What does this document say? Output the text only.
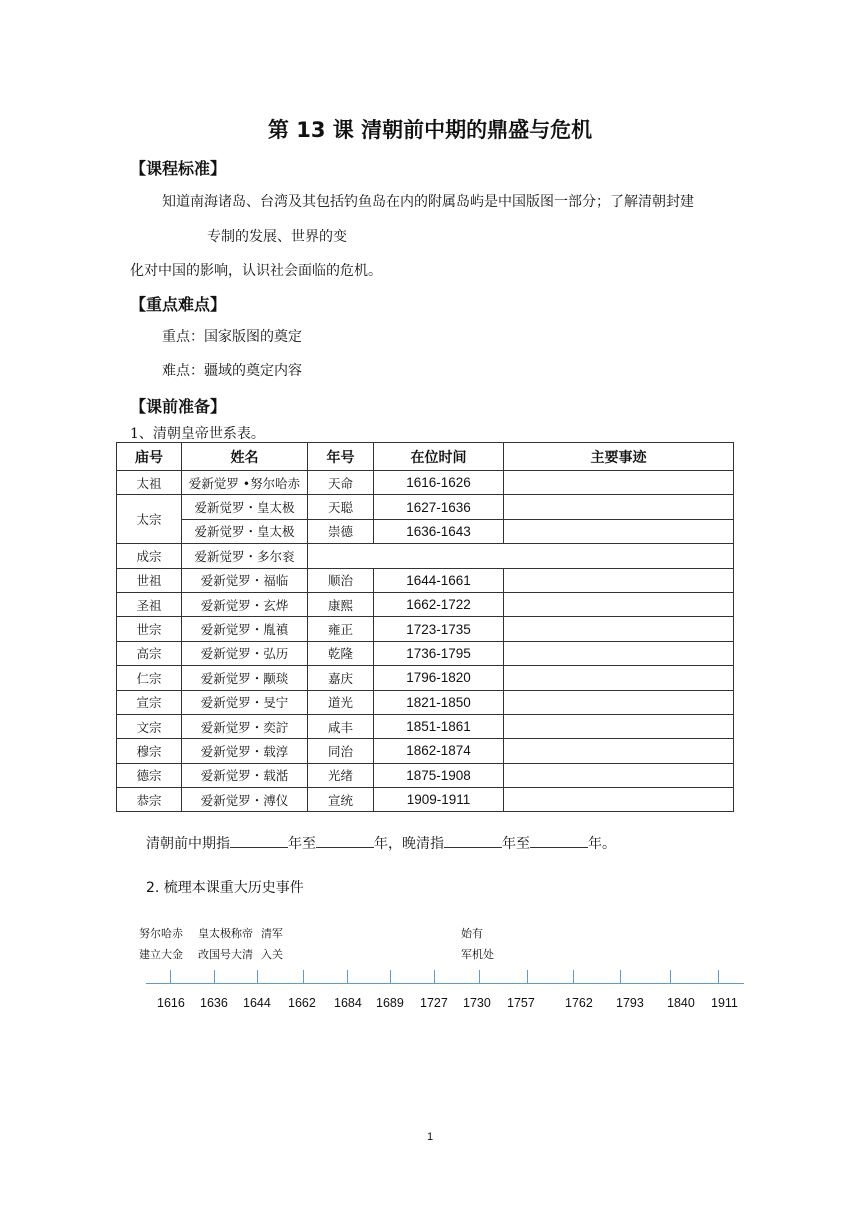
第 13 课 清朝前中期的鼎盛与危机
【课程标准】
知道南海诸岛、台湾及其包括钓鱼岛在内的附属岛屿是中国版图一部分；了解清朝封建
专制的发展、世界的变
化对中国的影响，认识社会面临的危机。
【重点难点】
重点：国家版图的奠定
难点：疆域的奠定内容
【课前准备】
1、清朝皇帝世系表。
庙号	姓名	年号	在位时间	主要事迹
太祖	爱新觉罗 •努尔哈赤	天命	1616-1626	
太宗	爱新觉罗・皇太极	天聪	1627-1636	
	爱新觉罗・皇太极	崇德	1636-1643	
成宗	爱新觉罗・多尔衮			
世祖	爱新觉罗・福临	顺治	1644-1661	
圣祖	爱新觉罗・玄烨	康熙	1662-1722	
世宗	爱新觉罗・胤禛	雍正	1723-1735	
高宗	爱新觉罗・弘历	乾隆	1736-1795	
仁宗	爱新觉罗・颙琰	嘉庆	1796-1820	
宣宗	爱新觉罗・旻宁	道光	1821-1850	
文宗	爱新觉罗・奕詝	咸丰	1851-1861	
穆宗	爱新觉罗・载淳	同治	1862-1874	
德宗	爱新觉罗・载湉	光绪	1875-1908	
恭宗	爱新觉罗・溥仪	宣统	1909-1911	
清朝前中期指	年至	年，晚清指	年至	年。
2. 梳理本课重大历史事件
努尔哈赤
建立大金
皇太极称帝
改国号大清
清军
入关
始有
军机处
1616 1636 1644 1662 1684 1689 1727 1730 1757 1762 1793 1840 1911
1
